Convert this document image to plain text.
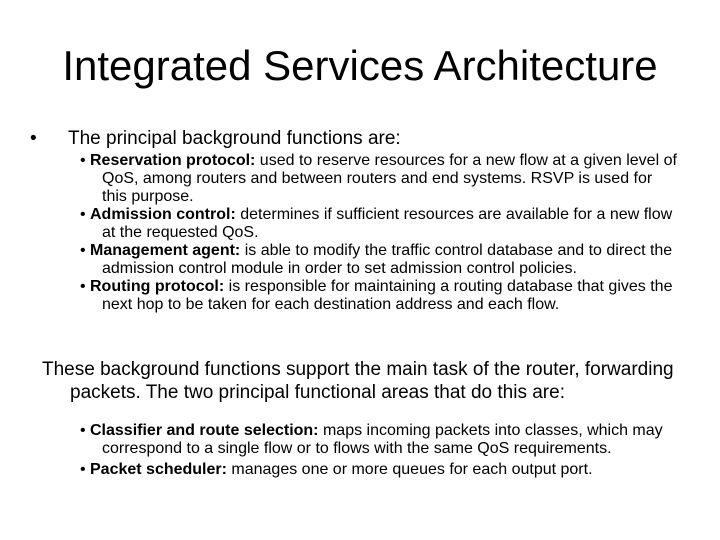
Integrated Services Architecture
•	The principal background functions are:
• Reservation protocol: used to reserve resources for a new flow at a given level of QoS, among routers and between routers and end systems. RSVP is used for this purpose.
• Admission control: determines if sufficient resources are available for a new flow at the requested QoS.
• Management agent: is able to modify the traffic control database and to direct the admission control module in order to set admission control policies.
• Routing protocol: is responsible for maintaining a routing database that gives the next hop to be taken for each destination address and each flow.
These background functions support the main task of the router, forwarding packets. The two principal functional areas that do this are:
• Classifier and route selection: maps incoming packets into classes, which may correspond to a single flow or to flows with the same QoS requirements.
• Packet scheduler: manages one or more queues for each output port.
